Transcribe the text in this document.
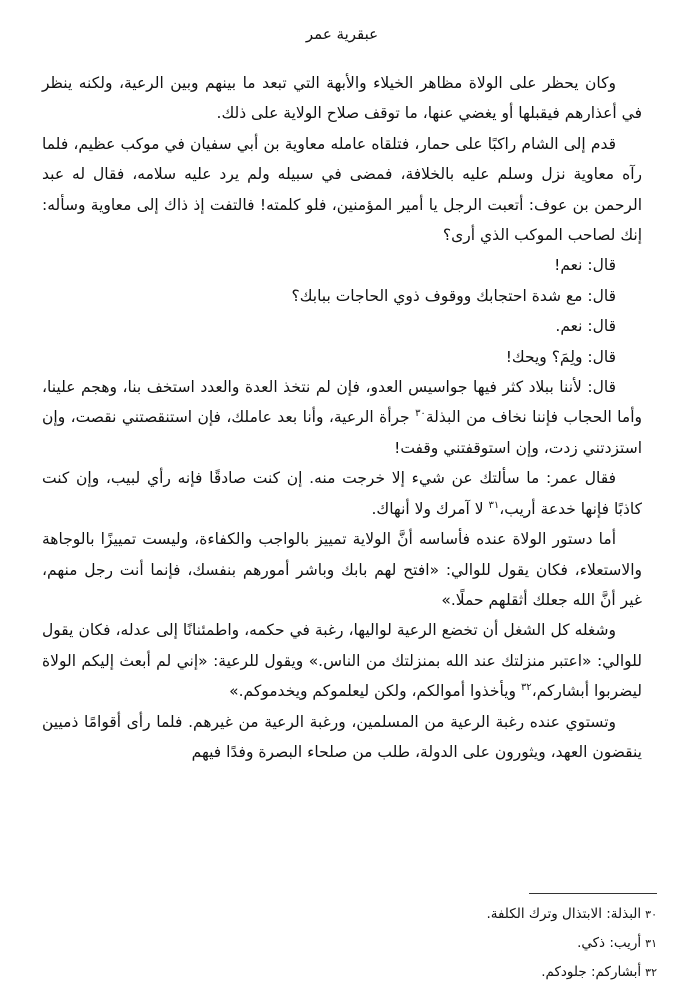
عبقرية عمر

وكان يحظر على الولاة مظاهر الخيلاء والأبهة التي تبعد ما بينهم وبين الرعية، ولكنه ينظر في أعذارهم فيقبلها أو يغضي عنها، ما توقف صلاح الولاية على ذلك.

قدم إلى الشام راكبًا على حمار، فتلقاه عامله معاوية بن أبي سفيان في موكب عظيم، فلما رآه معاوية نزل وسلم عليه بالخلافة، فمضى في سبيله ولم يرد عليه سلامه، فقال له عبد الرحمن بن عوف: أتعبت الرجل يا أمير المؤمنين، فلو كلمته! فالتفت إذ ذاك إلى معاوية وسأله: إنك لصاحب الموكب الذي أرى؟

قال: نعم!

قال: مع شدة احتجابك ووقوف ذوي الحاجات ببابك؟

قال: نعم.

قال: ولِمَ؟ ويحك!

قال: لأننا ببلاد كثر فيها جواسيس العدو، فإن لم نتخذ العدة والعدد استخف بنا، وهجم علينا، وأما الحجاب فإننا نخاف من البذلة$^{٣٠}$ جرأة الرعية، وأنا بعد عاملك، فإن استنقصتني نقصت، وإن استزدتني زدت، وإن استوقفتني وقفت!

فقال عمر: ما سألتك عن شيء إلا خرجت منه. إن كنت صادقًا فإنه رأي لبيب، وإن كنت كاذبًا فإنها خدعة أريب،$^{٣١}$ لا آمرك ولا أنهاك.

أما دستور الولاة عنده فأساسه أنَّ الولاية تمييز بالواجب والكفاءة، وليست تمييزًا بالوجاهة والاستعلاء، فكان يقول للوالي: «افتح لهم بابك وباشر أمورهم بنفسك، فإنما أنت رجل منهم، غير أنَّ الله جعلك أثقلهم حملًا.»

وشغله كل الشغل أن تخضع الرعية لواليها، رغبة في حكمه، واطمئنانًا إلى عدله، فكان يقول للوالي: «اعتبر منزلتك عند الله بمنزلتك من الناس.» ويقول للرعية: «إني لم أبعث إليكم الولاة ليضربوا أبشاركم،$^{٣٢}$ ويأخذوا أموالكم، ولكن ليعلموكم ويخدموكم.»

وتستوي عنده رغبة الرعية من المسلمين، ورغبة الرعية من غيرهم. فلما رأى أقوامًا ذميين ينقضون العهد، ويثورون على الدولة، طلب من صلحاء البصرة وفدًا فيهم

٣٠البذلة: الابتذال وترك الكلفة.

٣١أريب: ذكي.

٣٢أبشاركم: جلودكم.
